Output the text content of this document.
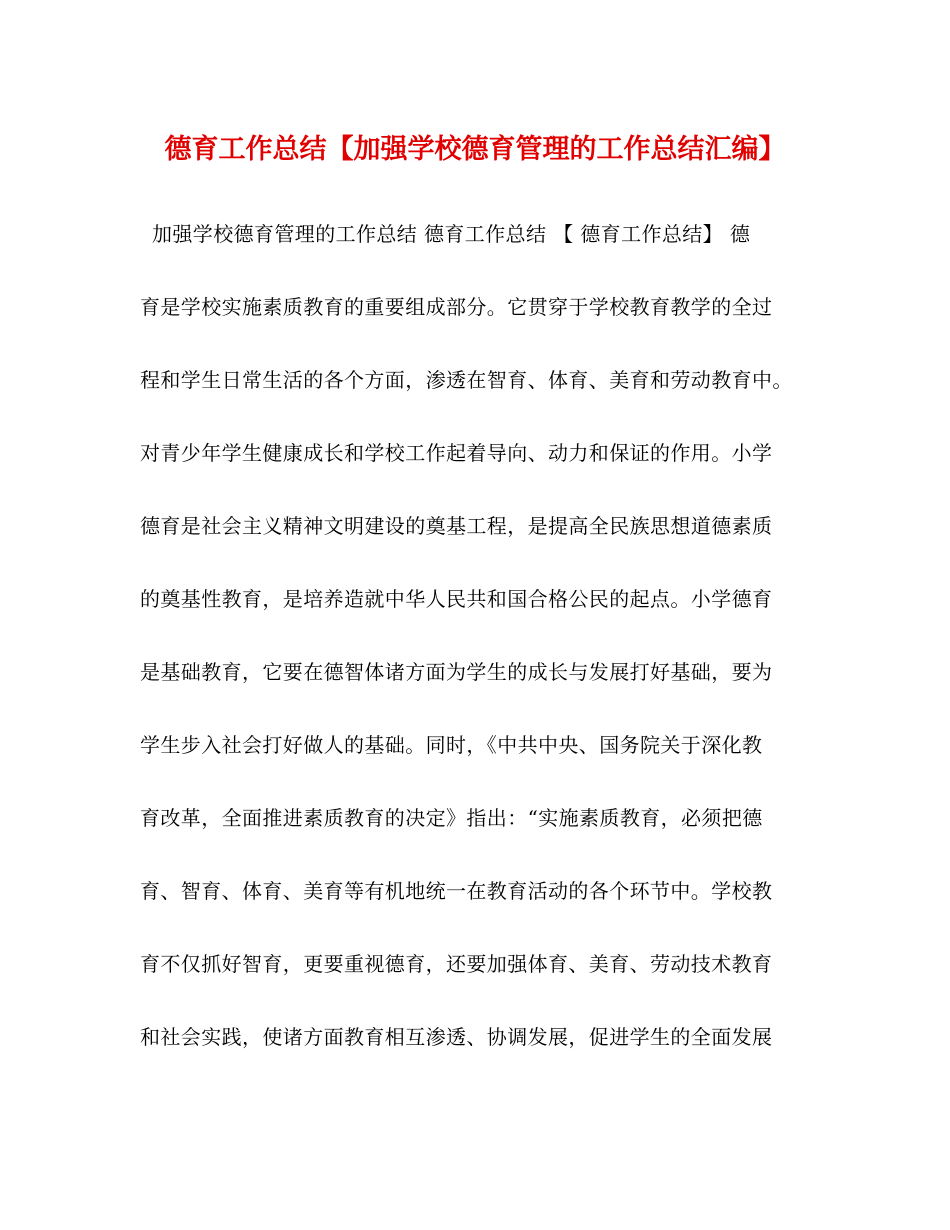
德育工作总结【加强学校德育管理的工作总结汇编】
加强学校德育管理的工作总结 德育工作总结 【 德育工作总结】 德
育是学校实施素质教育的重要组成部分。它贯穿于学校教育教学的全过
程和学生日常生活的各个方面，渗透在智育、体育、美育和劳动教育中。
对青少年学生健康成长和学校工作起着导向、动力和保证的作用。小学
德育是社会主义精神文明建设的奠基工程，是提高全民族思想道德素质
的奠基性教育，是培养造就中华人民共和国合格公民的起点。小学德育
是基础教育，它要在德智体诸方面为学生的成长与发展打好基础，要为
学生步入社会打好做人的基础。同时，《中共中央、国务院关于深化教
育改革，全面推进素质教育的决定》指出：“实施素质教育，必须把德
育、智育、体育、美育等有机地统一在教育活动的各个环节中。学校教
育不仅抓好智育，更要重视德育，还要加强体育、美育、劳动技术教育
和社会实践，使诸方面教育相互渗透、协调发展，促进学生的全面发展
